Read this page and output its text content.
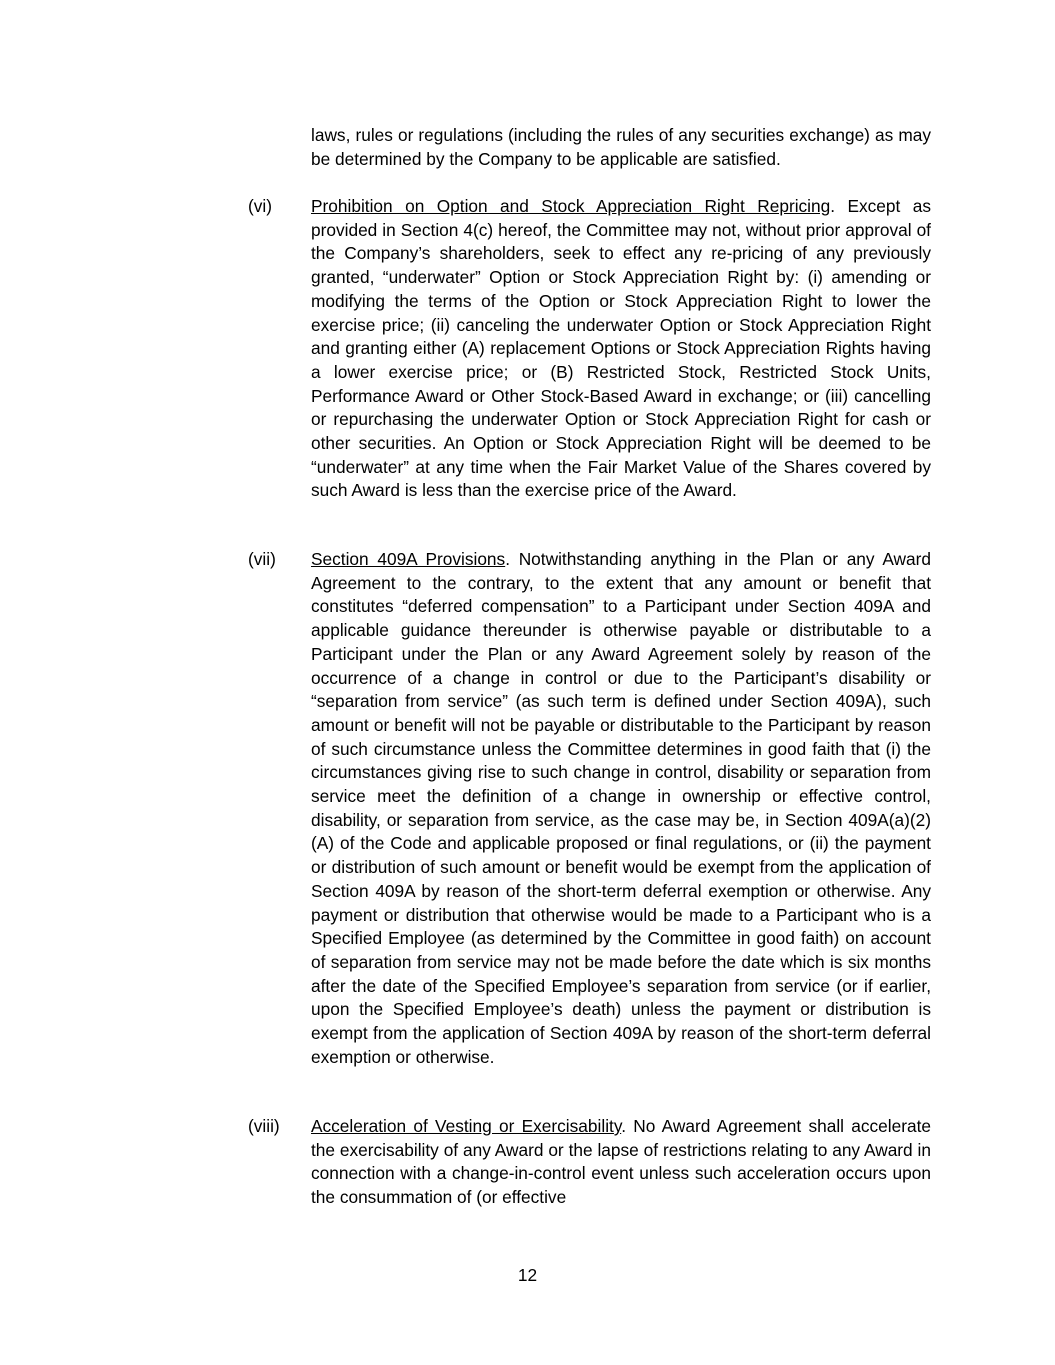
laws, rules or regulations (including the rules of any securities exchange) as may be determined by the Company to be applicable are satisfied.

(vi) Prohibition on Option and Stock Appreciation Right Repricing. Except as provided in Section 4(c) hereof, the Committee may not, without prior approval of the Company’s shareholders, seek to effect any re-pricing of any previously granted, “underwater” Option or Stock Appreciation Right by: (i) amending or modifying the terms of the Option or Stock Appreciation Right to lower the exercise price; (ii) canceling the underwater Option or Stock Appreciation Right and granting either (A) replacement Options or Stock Appreciation Rights having a lower exercise price; or (B) Restricted Stock, Restricted Stock Units, Performance Award or Other Stock-Based Award in exchange; or (iii) cancelling or repurchasing the underwater Option or Stock Appreciation Right for cash or other securities. An Option or Stock Appreciation Right will be deemed to be “underwater” at any time when the Fair Market Value of the Shares covered by such Award is less than the exercise price of the Award.

(vii) Section 409A Provisions. Notwithstanding anything in the Plan or any Award Agreement to the contrary, to the extent that any amount or benefit that constitutes “deferred compensation” to a Participant under Section 409A and applicable guidance thereunder is otherwise payable or distributable to a Participant under the Plan or any Award Agreement solely by reason of the occurrence of a change in control or due to the Participant’s disability or “separation from service” (as such term is defined under Section 409A), such amount or benefit will not be payable or distributable to the Participant by reason of such circumstance unless the Committee determines in good faith that (i) the circumstances giving rise to such change in control, disability or separation from service meet the definition of a change in ownership or effective control, disability, or separation from service, as the case may be, in Section 409A(a)(2)(A) of the Code and applicable proposed or final regulations, or (ii) the payment or distribution of such amount or benefit would be exempt from the application of Section 409A by reason of the short-term deferral exemption or otherwise. Any payment or distribution that otherwise would be made to a Participant who is a Specified Employee (as determined by the Committee in good faith) on account of separation from service may not be made before the date which is six months after the date of the Specified Employee’s separation from service (or if earlier, upon the Specified Employee’s death) unless the payment or distribution is exempt from the application of Section 409A by reason of the short-term deferral exemption or otherwise.

(viii) Acceleration of Vesting or Exercisability. No Award Agreement shall accelerate the exercisability of any Award or the lapse of restrictions relating to any Award in connection with a change-in-control event unless such acceleration occurs upon the consummation of (or effective

12
